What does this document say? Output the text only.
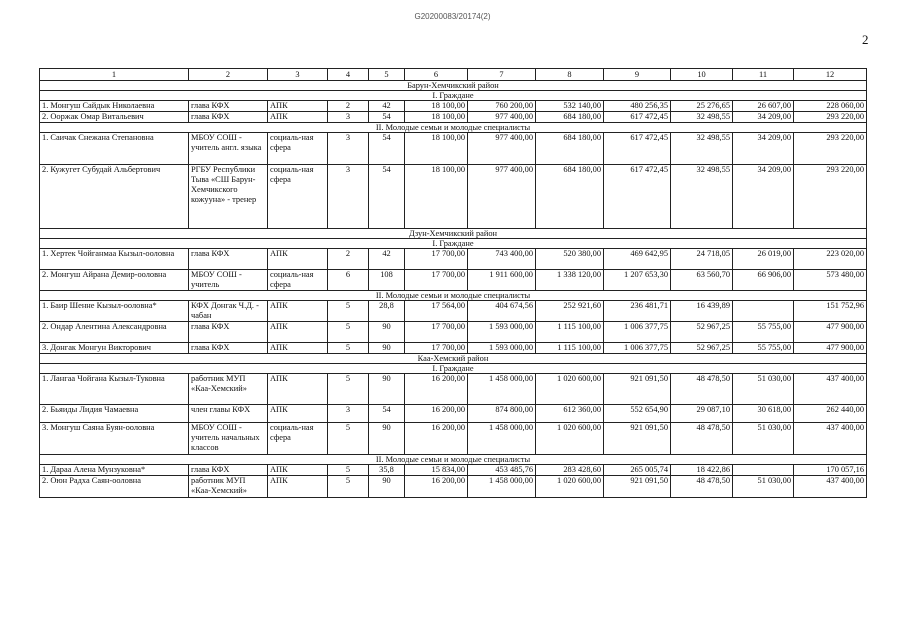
G20200083/20174(2)
2
1	2	3	4	5	6	7	8	9	10	11	12
Барун-Хемчикский район											
I. Граждане											
1. Монгуш Сайдык Николаевна	глава КФХ	АПК	2	42	18 100,00	760 200,00	532 140,00	480 256,35	25 276,65	26 607,00	228 060,00
2. Ооржак Омар Витальевич	глава КФХ	АПК	3	54	18 100,00	977 400,00	684 180,00	617 472,45	32 498,55	34 209,00	293 220,00
II. Молодые семьи и молодые специалисты											
1. Саичак Снежана Степановна	МБОУ СОШ - учитель англ. языка	социаль-ная сфера	3	54	18 100,00	977 400,00	684 180,00	617 472,45	32 498,55	34 209,00	293 220,00
2. Кужугет Субудай Альбертович	РГБУ Республики Тыва «СШ Барун-Хемчикского кожууна» - тренер	социаль-ная сфера	3	54	18 100,00	977 400,00	684 180,00	617 472,45	32 498,55	34 209,00	293 220,00
Дзун-Хемчикский район											
I. Граждане											
1. Хертек Чойганмаа Кызыл-ооловна	глава КФХ	АПК	2	42	17 700,00	743 400,00	520 380,00	469 642,95	24 718,05	26 019,00	223 020,00
2. Монгуш Айрана Демир-ооловна	МБОУ СОШ - учитель	социаль-ная сфера	6	108	17 700,00	1 911 600,00	1 338 120,00	1 207 653,30	63 560,70	66 906,00	573 480,00
II. Молодые семьи и молодые специалисты											
1. Баир Шенне Кызыл-ооловна*	КФХ Донгак Ч.Д. - чабан	АПК	5	28,8	17 564,00	404 674,56	252 921,60	236 481,71	16 439,89		151 752,96
2. Ондар Алентина Александровна	глава КФХ	АПК	5	90	17 700,00	1 593 000,00	1 115 100,00	1 006 377,75	52 967,25	55 755,00	477 900,00
3. Донгак Монгун Викторович	глава КФХ	АПК	5	90	17 700,00	1 593 000,00	1 115 100,00	1 006 377,75	52 967,25	55 755,00	477 900,00
Каа-Хемский район											
I. Граждане											
1. Лангаа Чойгана Кызыл-Туковна	работник МУП «Каа-Хемский»	АПК	5	90	16 200,00	1 458 000,00	1 020 600,00	921 091,50	48 478,50	51 030,00	437 400,00
2. Бьяиды Лидия Чамаевна	член главы КФХ	АПК	3	54	16 200,00	874 800,00	612 360,00	552 654,90	29 087,10	30 618,00	262 440,00
3. Монгуш Саяна Буян-ооловна	МБОУ СОШ - учитель начальных классов	социаль-ная сфера	5	90	16 200,00	1 458 000,00	1 020 600,00	921 091,50	48 478,50	51 030,00	437 400,00
II. Молодые семьи и молодые специалисты											
1. Дараа Алена Мунзуковна*	глава КФХ	АПК	5	35,8	15 834,00	453 485,76	283 428,60	265 005,74	18 422,86		170 057,16
2. Оюн Радха Саян-ооловна	работник МУП «Каа-Хемский»	АПК	5	90	16 200,00	1 458 000,00	1 020 600,00	921 091,50	48 478,50	51 030,00	437 400,00
